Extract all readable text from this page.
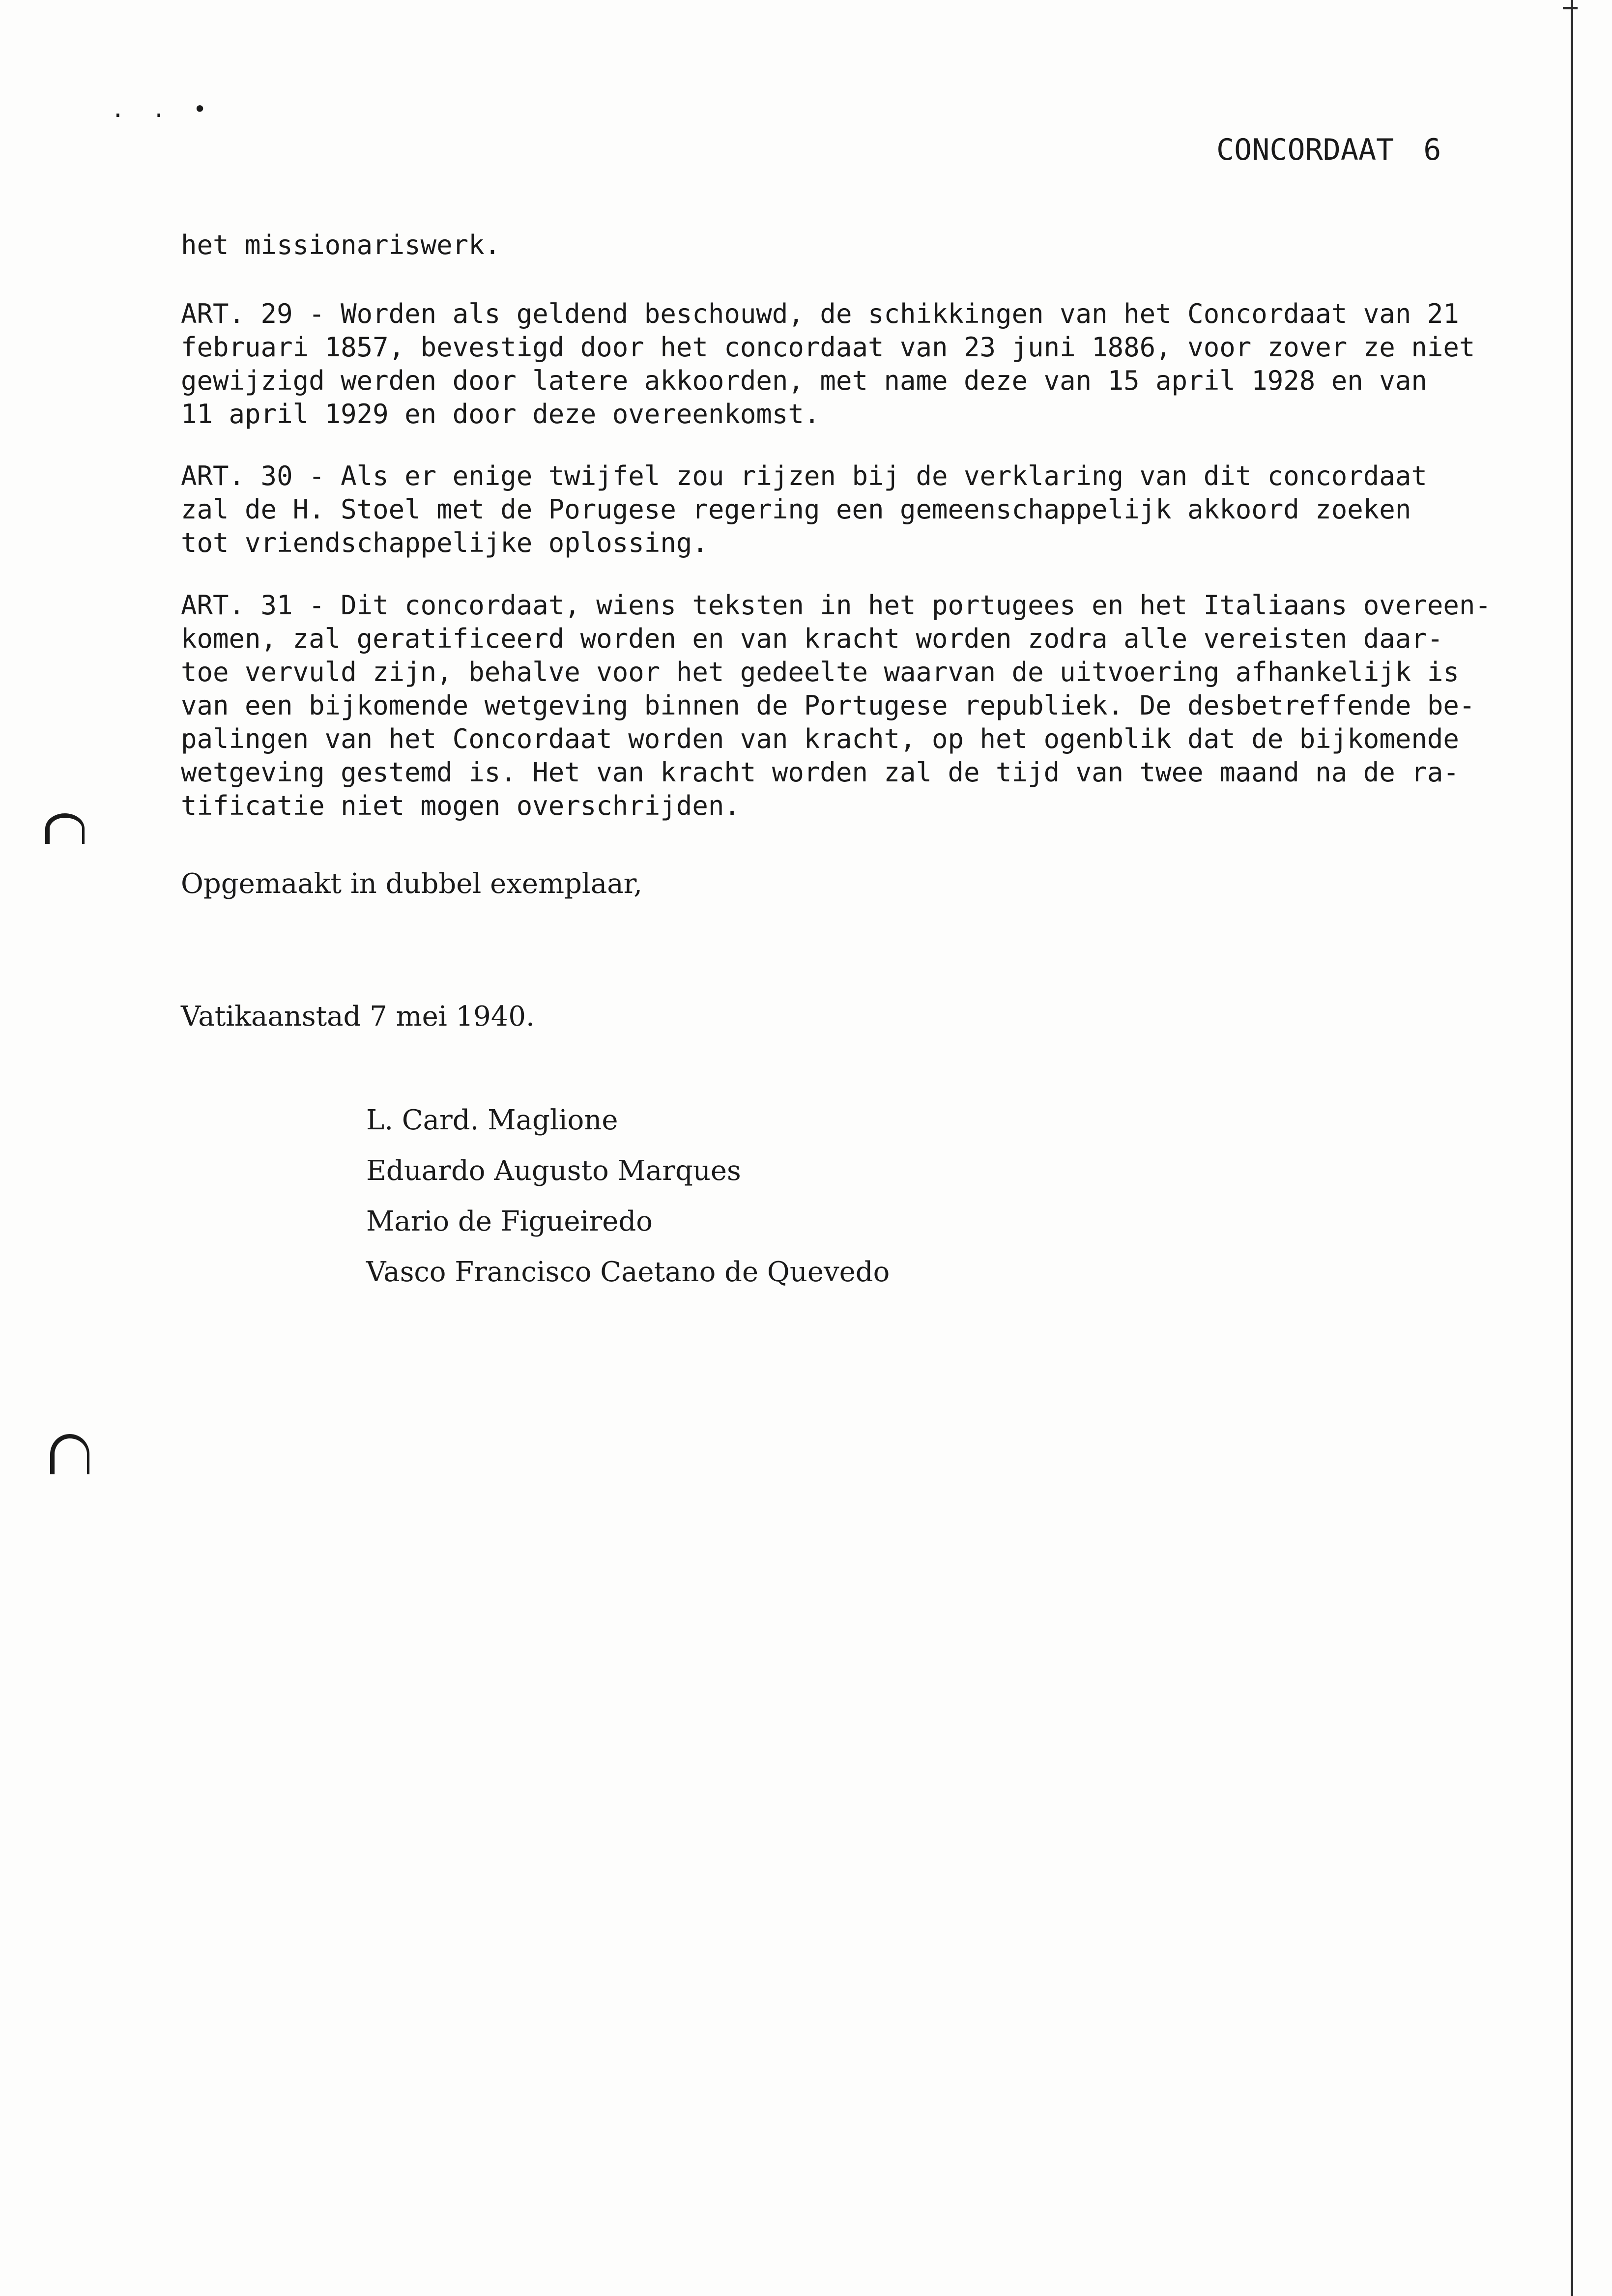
. . •
CONCORDAAT 6

het missionariswerk.

ART. 29 - Worden als geldend beschouwd, de schikkingen van het Concordaat van 21
februari 1857, bevestigd door het concordaat van 23 juni 1886, voor zover ze niet
gewijzigd werden door latere akkoorden, met name deze van 15 april 1928 en van
11 april 1929 en door deze overeenkomst.
ART. 30 - Als er enige twijfel zou rijzen bij de verklaring van dit concordaat
zal de H. Stoel met de Porugese regering een gemeenschappelijk akkoord zoeken
tot vriendschappelijke oplossing.
ART. 31 - Dit concordaat, wiens teksten in het portugees en het Italiaans overeen-
komen, zal geratificeerd worden en van kracht worden zodra alle vereisten daar-
toe vervuld zijn, behalve voor het gedeelte waarvan de uitvoering afhankelijk is
van een bijkomende wetgeving binnen de Portugese republiek. De desbetreffende be-
palingen van het Concordaat worden van kracht, op het ogenblik dat de bijkomende
wetgeving gestemd is. Het van kracht worden zal de tijd van twee maand na de ra-
tificatie niet mogen overschrijden.

Opgemaakt in dubbel exemplaar,

Vatikaanstad 7 mei 1940.

L. Card. Maglione
Eduardo Augusto Marques
Mario de Figueiredo
Vasco Francisco Caetano de Quevedo
